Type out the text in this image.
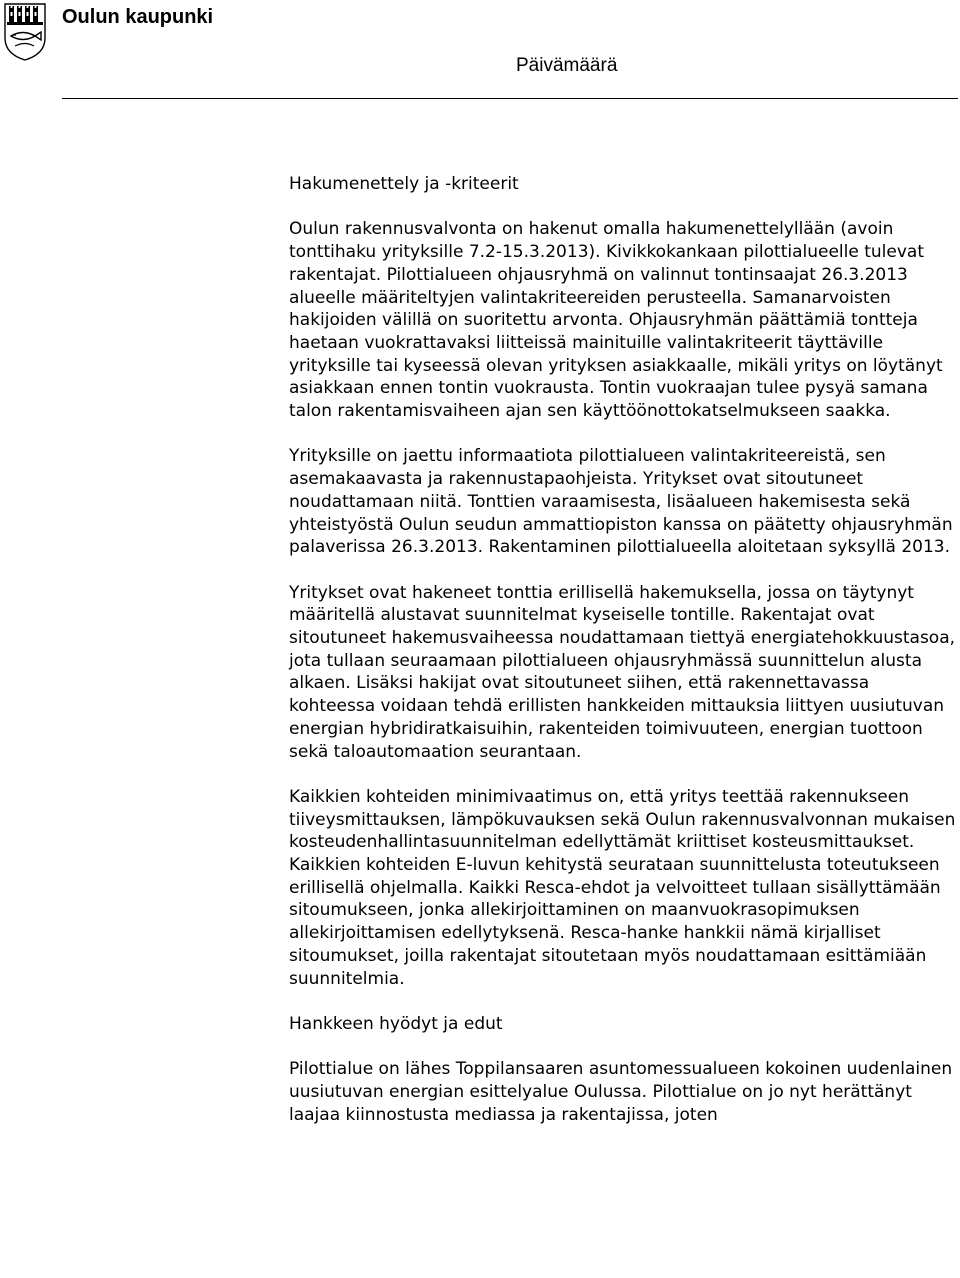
Oulun kaupunki
Päivämäärä

Hakumenettely ja -kriteerit

Oulun rakennusvalvonta on hakenut omalla hakumenettelyllään (avoin tonttihaku yrityksille 7.2-15.3.2013). Kivikkokankaan pilottialueelle tulevat rakentajat. Pilottialueen ohjausryhmä on valinnut tontinsaajat 26.3.2013 alueelle määriteltyjen valintakriteereiden perusteella. Samanarvoisten hakijoiden välillä on suoritettu arvonta. Ohjausryhmän päättämiä tontteja haetaan vuokrattavaksi liitteissä mainituille valintakriteerit täyttäville yrityksille tai kyseessä olevan yrityksen asiakkaalle, mikäli yritys on löytänyt asiakkaan ennen tontin vuokrausta. Tontin vuokraajan tulee pysyä samana talon rakentamisvaiheen ajan sen käyttöönottokatselmukseen saakka.

Yrityksille on jaettu informaatiota pilottialueen valintakriteereistä, sen asemakaavasta ja rakennustapaohjeista. Yritykset ovat sitoutuneet noudattamaan niitä. Tonttien varaamisesta, lisäalueen hakemisesta sekä yhteistyöstä Oulun seudun ammattiopiston kanssa on päätetty ohjausryhmän palaverissa 26.3.2013. Rakentaminen pilottialueella aloitetaan syksyllä 2013.

Yritykset ovat hakeneet tonttia erillisellä hakemuksella, jossa on täytynyt määritellä alustavat suunnitelmat kyseiselle tontille. Rakentajat ovat sitoutuneet hakemusvaiheessa noudattamaan tiettyä energiatehokkuustasoa, jota tullaan seuraamaan pilottialueen ohjausryhmässä suunnittelun alusta alkaen. Lisäksi hakijat ovat sitoutuneet siihen, että rakennettavassa kohteessa voidaan tehdä erillisten hankkeiden mittauksia liittyen uusiutuvan energian hybridiratkaisuihin, rakenteiden toimivuuteen, energian tuottoon sekä taloautomaation seurantaan.

Kaikkien kohteiden minimivaatimus on, että yritys teettää rakennukseen tiiveysmittauksen, lämpökuvauksen sekä Oulun rakennusvalvonnan mukaisen kosteudenhallintasuunnitelman edellyttämät kriittiset kosteusmittaukset. Kaikkien kohteiden E-luvun kehitystä seurataan suunnittelusta toteutukseen erillisellä ohjelmalla. Kaikki Resca-ehdot ja velvoitteet tullaan sisällyttämään sitoumukseen, jonka allekirjoittaminen on maanvuokrasopimuksen allekirjoittamisen edellytyksenä. Resca-hanke hankkii nämä kirjalliset sitoumukset, joilla rakentajat sitoutetaan myös noudattamaan esittämiään suunnitelmia.

Hankkeen hyödyt ja edut

Pilottialue on lähes Toppilansaaren asuntomessualueen kokoinen uudenlainen uusiutuvan energian esittelyalue Oulussa. Pilottialue on jo nyt herättänyt laajaa kiinnostusta mediassa ja rakentajissa, joten
